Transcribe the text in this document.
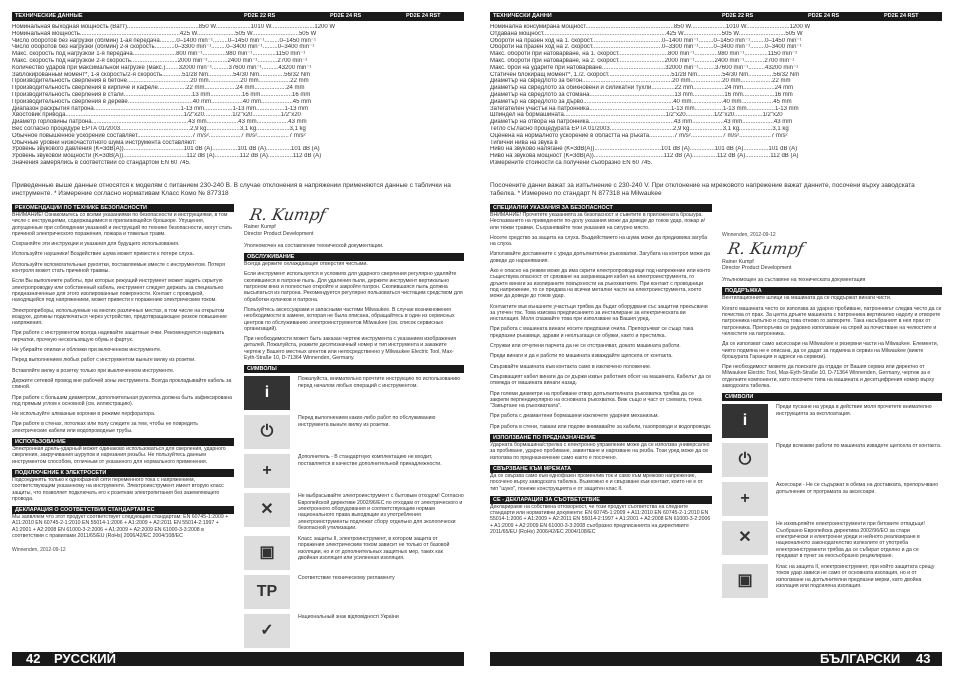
ТЕХНИЧЕСКИЕ ДАННЫЕ	PD2E 22 RS	PD2E 24 RS	PD2E 24 RST
Номинальная выходная мощность (Ватт)...........................................850 W.....................1010 W..........................1200 W
Номинальная мощность............................................................425 W.......................505 W............................505 W
Число оборотов без нагрузки (об/мин) 1-ая передача..........0–1400 min⁻¹.........0–1450 min⁻¹.........0–1450 min⁻¹
Число оборотов без нагрузки (об/мин) 2-я скорость............0–3300 min⁻¹.........0–3400 min⁻¹.........0–3400 min⁻¹
Макс. скорость под нагрузкой 1-я передача..........................800 min⁻¹..............980 min⁻¹..............1150 min⁻¹
Макс. скорость под нагрузкой 2-я скорость............................2000 min⁻¹............2400 min⁻¹............2700 min⁻¹
Количество ударов при максимальной нагрузке (макс.)........32000 min⁻¹..........37600 min⁻¹..........43200 min⁻¹
Заблокированный момент*, 1-я скорость/2-я скорость............51/28 Nm...............54/30 Nm...............56/32 Nm
Производительность сверления в бетоне......................................20 mm...................20 mm...................22 mm
Производительность сверления в кирпиче и кафеле.................22 mm...................24 mm...................24 mm
Производительность сверления в стали.........................................13 mm...................16 mm...................16 mm
Производительность сверления в дереве.......................................40 mm...................40 mm...................45 mm
Диапазон раскрытия патрона....................................................1-13 mm.................1-13 mm.................1-13 mm
Хвостовик привода.......................................................................1/2"x20.................1/2"x20.................1/2"x20
Диаметр горловины патрона..........................................................43 mm...................43 mm...................43 mm
Вес согласно процедуре EPTA 01/2003..........................................2,9 kg....................3,1 kg....................3,1 kg
Обычное повышенное ускорение составляет.................................7 m/s²...................7 m/s²...................7 m/s²
Обычные уровни низкочастотного шума инструмента составляют:
Уровень звукового давления (K=3dB(A))....................................101 dB (A)...............101 dB (A)...............101 dB (A)
Уровень звуковой мощности (K=3dB(A))......................................112 dB (A)...............112 dB (A)...............112 dB (A)
Значения замерялись в соответствии со стандартом EN 60 745.
Приведенные выше данные относятся к моделям с питанием 230-240 В. В случае отклонения в напряжении применяются данные с таблички на инструменте. * Измерение согласно нормативам Класс Комо № 877318
РЕКОМЕНДАЦИИ ПО ТЕХНИКЕ БЕЗОПАСНОСТИ

ВНИМАНИЕ! Ознакомьтесь со всеми указаниями по безопасности и инструкциями, в том числе с инструкциями, содержащимися в прилагающейся брошюре. Упущения, допущенные при соблюдении указаний и инструкций по технике безопасности, могут стать причиной электрического поражения, пожара и тяжелых травм.

Сохраняйте эти инструкции и указания для будущего использования.

Используйте наушники! Воздействие шума может привести к потере слуха.

Используйте вспомогательные рукоятки, поставляемые вместе с инструментом. Потеря контроля может стать причиной травмы.

Если Вы выполняете работы, при которых режущий инструмент может задеть скрытую электропроводку или собственный кабель, инструмент следует держать за специально предназначенные для этого изолированные поверхности. Контакт с проводкой, находящейся под напряжением, может привести к поражению электрическим током.

Электроприборы, используемые на многих различных местах, в том числе на открытом воздухе, должны подключаться через устройство, предотвращающее резкое повышение напряжения.

При работе с инструментом всегда надевайте защитные очки. Рекомендуется надевать перчатки, прочную нескользящую обувь и фартук.

Не убирайте опилки и обломки при включенном инструменте.

Перед выполнением любых работ с инструментом выньте вилку из розетки.

Вставляйте вилку в розетку только при выключенном инструменте.

Держите сетевой провод вне рабочей зоны инструмента. Всегда прокладывайте кабель за спиной.

При работе с большим диаметром, дополнительная рукоятка должна быть зафиксирована под прямым углом к основной (см. иллюстрацию).

Не используйте алмазные коронки в режиме перфоратора.

При работе в стенах, потолках или полу следите за тем, чтобы не повредить электрические кабели или водопроводные трубы.

ИСПОЛЬЗОВАНИЕ

Электронная дрель-ударный может одинаково использоваться для сверления, ударного сверления, закручивания шурупов и нарезания резьбы. Не пользуйтесь данным инструментом способом, отличным от указанного для нормального применения.

ПОДКЛЮЧЕНИЕ К ЭЛЕКТРОСЕТИ

Подсоединять только к однофазной сети переменного тока с напряжением, соответствующим указанному на инструменте. Электроинструмент имеет вторую класс защиты, что позволяет подключать его к розеткам электропитания без заземляющего провода.

ДЕКЛАРАЦИЯ О СООТВЕТСТВИИ СТАНДАРТАМ ЕС

Мы заявляем что этот продукт соответствует следующим стандартам: EN 60745-1:2009 + A11:2010 EN 60745-2-1:2010 EN 55014-1:2006 + A1:2009 + A2:2011 EN 55014-2:1997 + A1:2001 + A2:2008 EN 61000-3-2:2006 + A1:2009 + A2:2009 EN 61000-3-3:2008 в соответствии с правилами 2011/65/EU (RoHs) 2006/42/EC 2004/108/EC

Winnenden, 2012-09-12
R. Kumpf
Rainer Kumpf
Director Product Development

Уполномочен на составление технической документации.

ОБСЛУЖИВАНИЕ

Всегда держите охлаждающие отверстия чистыми.

Если инструмент используется в условиях для ударного сверления регулярно удаляйте скопившиеся в патроне пыль. Для удаления пыли, держите инструмент вертикально патроном вниз и полностью откройте и закройте патрон. Скопившаяся пыль должна высыпаться из патрона. Рекомендуется регулярно пользоваться чистящим средством для обработки кулачков и патрона.

Пользуйтесь аксессуарами и запасными частями Milwaukee. В случае возникновения необходимости в замене, которая не была описана, обращайтесь в один из сервисных центров по обслуживанию электроинструментов Milwaukee (см. список сервисных организаций).

При необходимости может быть заказан чертеж инструмента с указанием изображения деталей. Пожалуйста, укажите десятизначный номер и тип инструмента и закажите чертеж у Вашего местных агентов или непосредственно у Milwaukee Electric Tool, Max-Eyth-Straße 10, D-71364 Winnenden, Germany.

СИМВОЛЫ
i
Пожалуйста, внимательно прочтите инструкцию по использованию перед началом любых операций с инструментом.
⏻
Перед выполнением каких-либо работ по обслуживанию инструмента выньте вилку из розетки.
+
Дополнитель - В стандартную комплектацию не входит, поставляется в качестве дополнительной принадлежности.
✕
Не выбрасывайте электроинструмент с бытовым отходом! Согласно Европейской директиве 2002/96/ЕС по отходам от электрического и электронного оборудования и соответствующим нормам национального права выходящие из употребления электроинструменты подлежат сбору отдельно для экологически безопасной утилизации.
▣
Класс защиты II, электроинструмент, в котором защита от поражения электрическим током зависит не только от базовой изоляции, но и от дополнительных защитных мер, таких как двойная изоляция или усиленная изоляция.
TP
Соответствие техническому регламенту
✓
Национальный знак відповідності України
42 РУССКИЙ
ТЕХНИЧЕСКИ ДАННИ	PD2E 22 RS	PD2E 24 RS	PD2E 24 RST
Номинална консумирана мощност.....................................................850 W.....................1010 W..........................1200 W
Отдавана мощност..........................................................................425 W.......................505 W............................505 W
Обороти на празен ход на 1. скорост..........................................0–1400 min⁻¹.........0–1450 min⁻¹.........0–1450 min⁻¹
Обороти на празен ход на 2. скорост..........................................0–3300 min⁻¹.........0–3400 min⁻¹.........0–3400 min⁻¹
Макс. обороти при натоварване, на 1. скорост..............................800 min⁻¹..............980 min⁻¹..............1150 min⁻¹
Макс. обороти при натоварване, на 2. скорост............................2000 min⁻¹............2400 min⁻¹............2700 min⁻¹
Макс. брой на ударите при натоварване......................................32000 min⁻¹..........37600 min⁻¹..........43200 min⁻¹
Статичен блокиращ момент*, 1./2. скорост......................................51/28 Nm...............54/30 Nm...............56/32 Nm
Диаметър на свредлото за бетон......................................................20 mm...................20 mm...................22 mm
Диаметър на свредлото за обикновени и силикатни тухли..............22 mm...................24 mm...................24 mm
Диаметър на свредлото за стомана...................................................13 mm...................16 mm...................16 mm
Диаметър на свредлото за дърво......................................................40 mm...................40 mm...................45 mm
Затегателен участък на патронника.................................................1-13 mm.................1-13 mm.................1-13 mm
Шпиндел на бормашината.............................................................1/2"x20.................1/2"x20.................1/2"x20
Диаметър на отвора на патронника...................................................43 mm...................43 mm...................43 mm
Тегло съгласно процедурата EPTA 01/2003......................................2,9 kg....................3,1 kg....................3,1 kg
Оценена на нормалното ускорение в областта на ръката...............7 m/s²...................7 m/s²...................7 m/s²
Типични нива на звука в
Ниво на звуково налягане (K=3dB(A))........................................101 dB (A)...............101 dB (A)...............101 dB (A)
Ниво на звукова мощност (K=3dB(A))..........................................112 dB (A)...............112 dB (A)...............112 dB (A)
Измерените стойности са получени съобразно EN 60 745.
Посочените данни важат за изпълнение с 230-240 V. При отклонение на мрежовото напрежение важат данните, посочени върху заводската табелка. * Измерено по стандарт N 877318 на Milwaukee
СПЕЦИАЛНИ УКАЗАНИЯ ЗА БЕЗОПАСНОСТ

ВНИМАНИЕ! Прочетете указанията за безопасност и съветите в приложената брошура. Неспазването на приведените по-долу указания може да доведе до токов удар, пожар и/или тежки травми. Съхранявайте тези указания на сигурно място.

Носете средство за защита на слуха. Въздействието на шума може да предизвика загуба на слуха.

Използвайте доставените с уреда допълнителни ръкохватки. Загубата на контрол може да доведе до наранявания.

Ако е опасно на режим може да има скрити електропроводници под напрежение или конто съществува опасност от срязване на захранващия кабел на електроинструмента, го дръжте винаги за изолираните повърхности на ръкохватките. При контакт с проводници под напрежение, то се предава на всички метални части на електроинструмента, което може да доведе до токов удар.

Контактите във външните участъци трябва да бъдат оборудвани със защитни прекъсвачи за утечен ток. Това изисква предписанието за инсталиране за електрическата ви инсталация. Моля спазвайте това при използване на Вашия уред.

При работа с машината винаги носете предпазни очила. Препоръчват се също така предпазни ръкавици, здрави и нехлъзгащи се обувки, както и престилка.

Стружки или отчупени парчета да не се отстраняват, докато машината работи.

Преди винаги и да е работи по машината изваждайте щепсела от контакта.

Свързвайте машината към контакта само в изключено положение.

Свързващият кабел винаги да се държи извън работния обсег на машината. Кабелът да се отвежда от машината винаги назад.

При големи диаметри на пробиване отвор допълнителната ръкохватка трябва да се закрепи перпендикулярно на основната ръкохватка. Виж също и част от схемата, точка "Завъртане на ръкохватката".

При работа с диамантени бормашини изключете ударния механизъм.

При работа в стени, тавани или подове внимавайте за кабели, газопроводи и водопроводи.

ИЗПОЛЗВАНЕ ПО ПРЕДНАЗНАЧЕНИЕ

Ударната бормашина/стрелка с електронно управление може да се използва универсално за пробиване, ударно пробиване, завинтване и нарязване на резба. Този уред може да се използва по предназначение само както е посочено.

СВЪРЗВАНЕ КЪМ МРЕЖАТА

Да се свързва само към еднофазен променлив ток и само към мрежово напрежение, посочено върху заводската табелка. Възможно е и свързване към контакт, които не е от тип "шуко", понеже конструкцията е от защитен клас II.

СЕ - ДЕКЛАРАЦИЯ ЗА СЪОТВЕТСТВИЕ

Декларираме на собствена отговорност, че този продукт съответства на следните стандарти или нормативни документи: EN 60745-1:2009 + A11:2010 EN 60745-2-1:2010 EN 55014-1:2006 + A1:2009 + A2:2011 EN 55014-2:1997 + A1:2001 + A2:2008 EN 61000-3-2:2006 + A1:2009 + A2:2009 EN 61000-3-3:2008 съобразно предписанията на директивите 2011/65/EU (RoHs) 2006/42/EC 2004/108/EC

Winnenden, 2012-09-12
R. Kumpf
Rainer Kumpf
Director Product Development

Упълномощен за съставяне на техническата документация

ПОДДРЪЖКА

Вентилационните шлици на машината да се поддържат винаги чисти.

Когато машината често се използва за ударно пробиване, патронникът следва често да се почиства от прах. За целта дръжте машината с патронника вертикално надолу и отворете патронника напълно и след това отново го затворете. Така насъбраният в нея прах от патронника. Препоръчва се редовно използване на спрей за почистване на челюстите и челюстите на патронника.

Да се използват само аксесоари на Milwaukee и резервни части на Milwaukee. Елементи, чиято подмяна не е описана, да се дадат за подмяна в сервиз на Milwaukee (вижте брошурата Гаранция и адреси на сервизи).

При необходимост можете да поискате да отдаде от Вашия сервиз или директно от Milwaukee Electric Tool, Max-Eyth-Straße 10, D-71364 Winnenden, Germany, чертеж за е отделните компоненти, като посочите типа на машината и десетцифрения номер върху заводската табелка.

СИМВОЛИ
i
Преди пускане на уреда в действие моля прочетете внимателно инструкцията за експлоатация.
⏻
Преди всякакви работи по машината извадете щепсела от контакта.
+
Аксесоари - Не се съдържат в обема на доставката, препоръчвано допълнение от програмата за аксесоари.
✕
Не изхвърляйте електроинструменти при битовите отпадъци! Съобразно Европейска директива 2002/96/ЕО за стари електрически и електронни уреди и нейното реализиране в националното законодателство излезлите от употреба електроинструменти трябва да се събират отделно и да се предават в пункт за екосъобразно рециклиране.
▣
Клас на защита II, електроинструмент, при който защитата срещу токов удар зависи не само от основната изолация, но и от използване на допълнителни предпазни мерки, като двойна изолация или подсилена изолация.
БЪЛГАРСКИ 43
